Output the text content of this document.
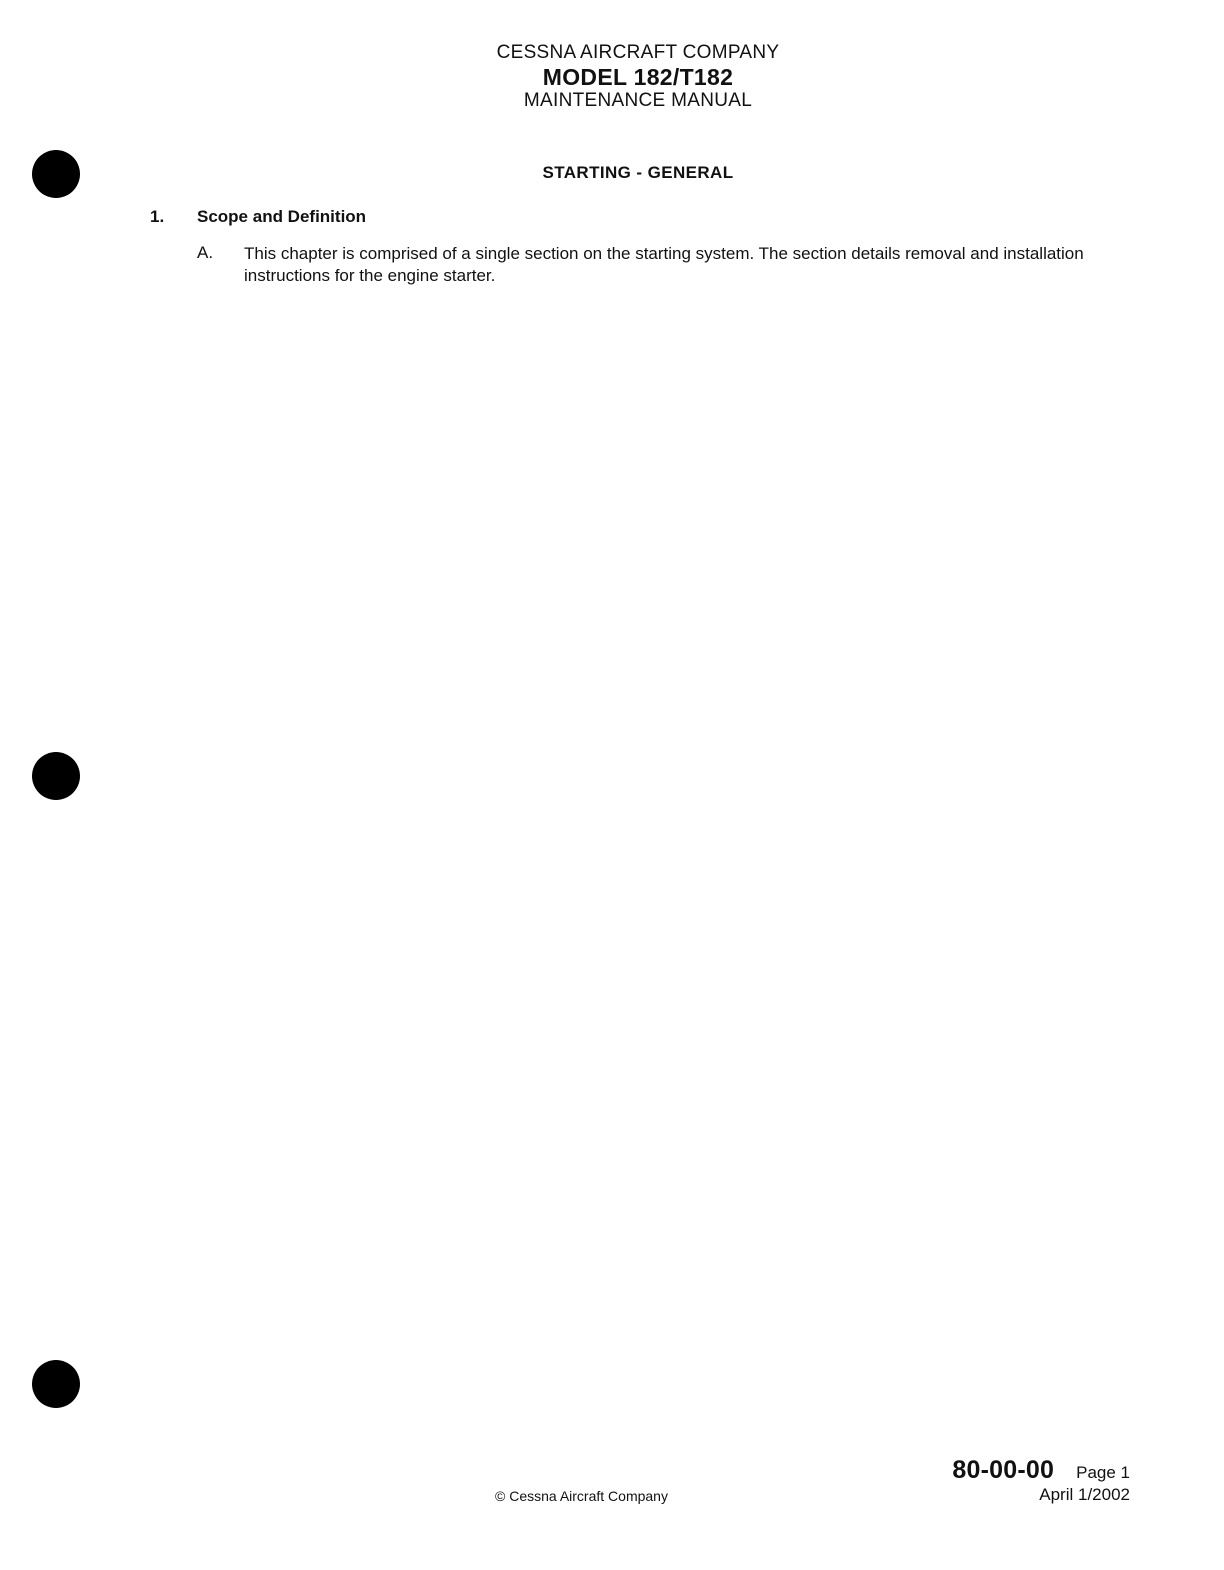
CESSNA AIRCRAFT COMPANY
MODEL 182/T182
MAINTENANCE MANUAL
STARTING - GENERAL
1. Scope and Definition
A. This chapter is comprised of a single section on the starting system. The section details removal and installation instructions for the engine starter.
© Cessna Aircraft Company
80-00-00 Page 1
April 1/2002
